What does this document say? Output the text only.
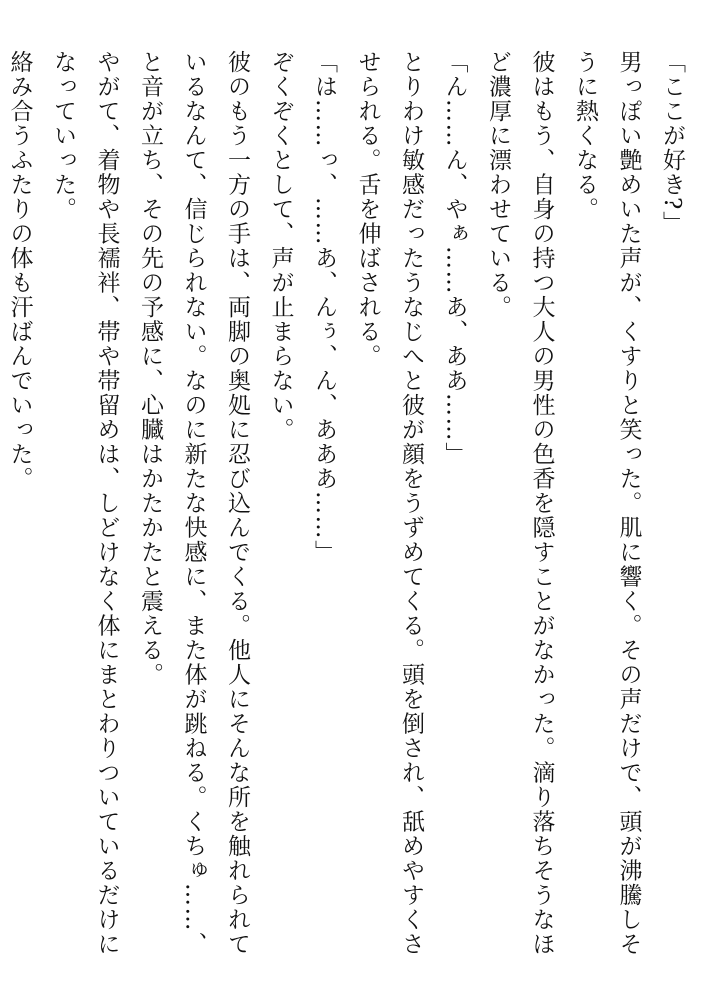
「ここが好き?」

男っぽい艶めいた声が、くすりと笑った。肌に響く。その声だけで、頭が沸騰しそうに熱くなる。

彼はもう、自身の持つ大人の男性の色香を隠すことがなかった。滴り落ちそうなほど濃厚に漂わせている。

「ん……ん、やぁ……あ、ああ……」

とりわけ敏感だったうなじへと彼が顔をうずめてくる。頭を倒され、舐めやすくさせられる。舌を伸ばされる。

「は……っ、……あ、んぅ、ん、あああ……」

ぞくぞくとして、声が止まらない。

彼のもう一方の手は、両脚の奥処に忍び込んでくる。他人にそんな所を触れられているなんて、信じられない。なのに新たな快感に、また体が跳ねる。くちゅ……、と音が立ち、その先の予感に、心臓はかたかたと震える。

やがて、着物や長襦袢、帯や帯留めは、しどけなく体にまとわりついているだけになっていった。

絡み合うふたりの体も汗ばんでいった。
